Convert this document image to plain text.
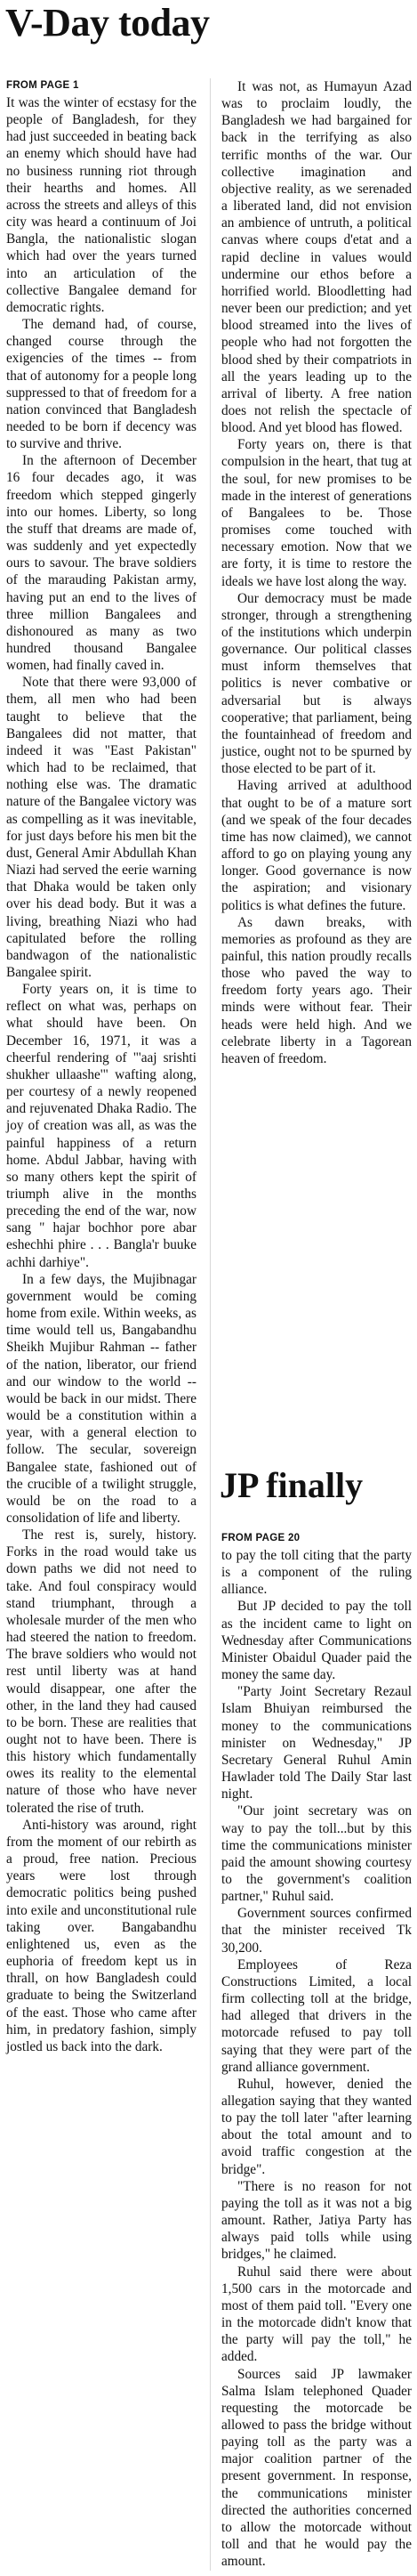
V-Day today
FROM PAGE 1

It was the winter of ecstasy for the people of Bangladesh, for they had just succeeded in beating back an enemy which should have had no business running riot through their hearths and homes. All across the streets and alleys of this city was heard a continuum of Joi Bangla, the nationalistic slogan which had over the years turned into an articulation of the collective Bangalee demand for democratic rights.

The demand had, of course, changed course through the exigencies of the times -- from that of autonomy for a people long suppressed to that of freedom for a nation convinced that Bangladesh needed to be born if decency was to survive and thrive.

In the afternoon of December 16 four decades ago, it was freedom which stepped gingerly into our homes. Liberty, so long the stuff that dreams are made of, was suddenly and yet expectedly ours to savour. The brave soldiers of the marauding Pakistan army, having put an end to the lives of three million Bangalees and dishonoured as many as two hundred thousand Bangalee women, had finally caved in.

Note that there were 93,000 of them, all men who had been taught to believe that the Bangalees did not matter, that indeed it was "East Pakistan" which had to be reclaimed, that nothing else was. The dramatic nature of the Bangalee victory was as compelling as it was inevitable, for just days before his men bit the dust, General Amir Abdullah Khan Niazi had served the eerie warning that Dhaka would be taken only over his dead body. But it was a living, breathing Niazi who had capitulated before the rolling bandwagon of the nationalistic Bangalee spirit.

Forty years on, it is time to reflect on what was, perhaps on what should have been. On December 16, 1971, it was a cheerful rendering of "'aaj srishti shukher ullaashe'" wafting along, per courtesy of a newly reopened and rejuvenated Dhaka Radio. The joy of creation was all, as was the painful happiness of a return home. Abdul Jabbar, having with so many others kept the spirit of triumph alive in the months preceding the end of the war, now sang " hajar bochhor pore abar eshechhi phire . . . Bangla'r buuke achhi darhiye".

In a few days, the Mujibnagar government would be coming home from exile. Within weeks, as time would tell us, Bangabandhu Sheikh Mujibur Rahman -- father of the nation, liberator, our friend and our window to the world -- would be back in our midst. There would be a constitution within a year, with a general election to follow. The secular, sovereign Bangalee state, fashioned out of the crucible of a twilight struggle, would be on the road to a consolidation of life and liberty.

The rest is, surely, history. Forks in the road would take us down paths we did not need to take. And foul conspiracy would stand triumphant, through a wholesale murder of the men who had steered the nation to freedom. The brave soldiers who would not rest until liberty was at hand would disappear, one after the other, in the land they had caused to be born. These are realities that ought not to have been. There is this history which fundamentally owes its reality to the elemental nature of those who have never tolerated the rise of truth.

Anti-history was around, right from the moment of our rebirth as a proud, free nation. Precious years were lost through democratic politics being pushed into exile and unconstitutional rule taking over. Bangabandhu enlightened us, even as the euphoria of freedom kept us in thrall, on how Bangladesh could graduate to being the Switzerland of the east. Those who came after him, in predatory fashion, simply jostled us back into the dark.

It was not, as Humayun Azad was to proclaim loudly, the Bangladesh we had bargained for back in the terrifying as also terrific months of the war. Our collective imagination and objective reality, as we serenaded a liberated land, did not envision an ambience of untruth, a political canvas where coups d'etat and a rapid decline in values would undermine our ethos before a horrified world. Bloodletting had never been our prediction; and yet blood streamed into the lives of people who had not forgotten the blood shed by their compatriots in all the years leading up to the arrival of liberty. A free nation does not relish the spectacle of blood. And yet blood has flowed.

Forty years on, there is that compulsion in the heart, that tug at the soul, for new promises to be made in the interest of generations of Bangalees to be. Those promises come touched with necessary emotion. Now that we are forty, it is time to restore the ideals we have lost along the way.

Our democracy must be made stronger, through a strengthening of the institutions which underpin governance. Our political classes must inform themselves that politics is never combative or adversarial but is always cooperative; that parliament, being the fountainhead of freedom and justice, ought not to be spurned by those elected to be part of it.

Having arrived at adulthood that ought to be of a mature sort (and we speak of the four decades time has now claimed), we cannot afford to go on playing young any longer. Good governance is now the aspiration; and visionary politics is what defines the future.

As dawn breaks, with memories as profound as they are painful, this nation proudly recalls those who paved the way to freedom forty years ago. Their minds were without fear. Their heads were held high. And we celebrate liberty in a Tagorean heaven of freedom.

JP finally
FROM PAGE 20

to pay the toll citing that the party is a component of the ruling alliance.

But JP decided to pay the toll as the incident came to light on Wednesday after Communications Minister Obaidul Quader paid the money the same day.

"Party Joint Secretary Rezaul Islam Bhuiyan reimbursed the money to the communications minister on Wednesday," JP Secretary General Ruhul Amin Hawlader told The Daily Star last night.

"Our joint secretary was on way to pay the toll...but by this time the communications minister paid the amount showing courtesy to the government's coalition partner," Ruhul said.

Government sources confirmed that the minister received Tk 30,200.

Employees of Reza Constructions Limited, a local firm collecting toll at the bridge, had alleged that drivers in the motorcade refused to pay toll saying that they were part of the grand alliance government.

Ruhul, however, denied the allegation saying that they wanted to pay the toll later "after learning about the total amount and to avoid traffic congestion at the bridge".

"There is no reason for not paying the toll as it was not a big amount. Rather, Jatiya Party has always paid tolls while using bridges," he claimed.

Ruhul said there were about 1,500 cars in the motorcade and most of them paid toll. "Every one in the motorcade didn't know that the party will pay the toll," he added.

Sources said JP lawmaker Salma Islam telephoned Quader requesting the motorcade be allowed to pass the bridge without paying toll as the party was a major coalition partner of the present government. In response, the communications minister directed the authorities concerned to allow the motorcade without toll and that he would pay the amount.
